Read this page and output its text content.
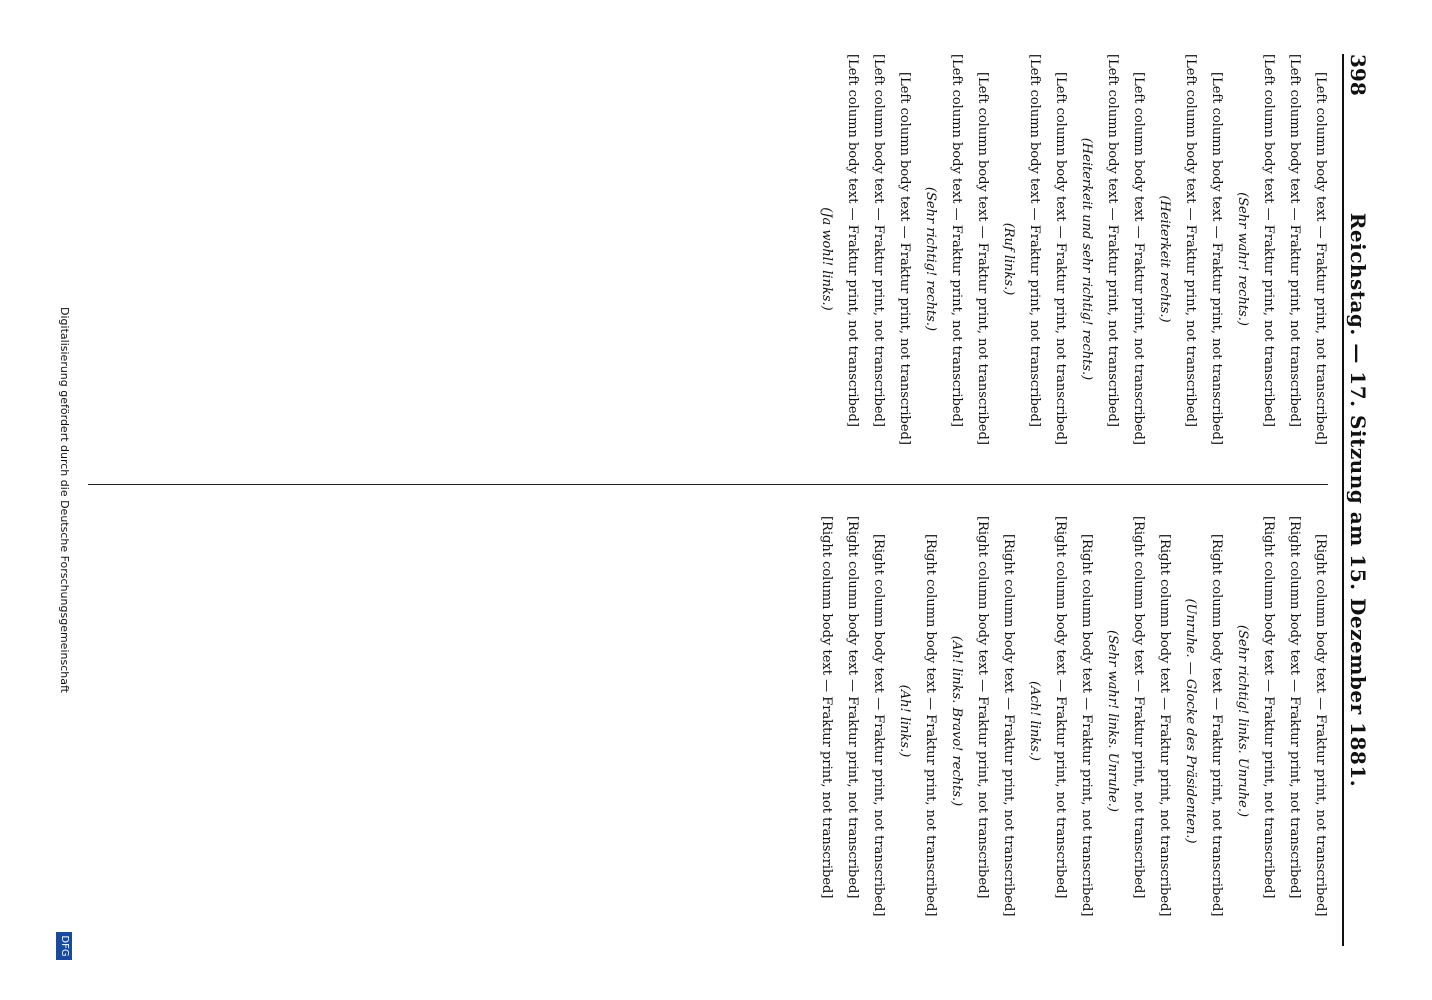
398
Reichstag. — 17. Sitzung am 15. Dezember 1881.

[Left column body text — Fraktur print, not transcribed]

[Left column body text — Fraktur print, not transcribed]

[Left column body text — Fraktur print, not transcribed]

(Sehr wahr! rechts.)

[Left column body text — Fraktur print, not transcribed]

[Left column body text — Fraktur print, not transcribed]

(Heiterkeit rechts.)

[Left column body text — Fraktur print, not transcribed]

[Left column body text — Fraktur print, not transcribed]

(Heiterkeit und sehr richtig! rechts.)

[Left column body text — Fraktur print, not transcribed]

[Left column body text — Fraktur print, not transcribed]

(Ruf links.)

[Left column body text — Fraktur print, not transcribed]

[Left column body text — Fraktur print, not transcribed]

(Sehr richtig! rechts.)

[Left column body text — Fraktur print, not transcribed]

[Left column body text — Fraktur print, not transcribed]

[Left column body text — Fraktur print, not transcribed]

(Ja wohl! links.)

[Right column body text — Fraktur print, not transcribed]

[Right column body text — Fraktur print, not transcribed]

[Right column body text — Fraktur print, not transcribed]

(Sehr richtig! links. Unruhe.)

[Right column body text — Fraktur print, not transcribed]

(Unruhe. — Glocke des Präsidenten.)

[Right column body text — Fraktur print, not transcribed]

[Right column body text — Fraktur print, not transcribed]

(Sehr wahr! links. Unruhe.)

[Right column body text — Fraktur print, not transcribed]

[Right column body text — Fraktur print, not transcribed]

(Ach! links.)

[Right column body text — Fraktur print, not transcribed]

[Right column body text — Fraktur print, not transcribed]

(Ah! links. Bravo! rechts.)

[Right column body text — Fraktur print, not transcribed]

(Ah! links.)

[Right column body text — Fraktur print, not transcribed]

[Right column body text — Fraktur print, not transcribed]

[Right column body text — Fraktur print, not transcribed]

Digitalisierung gefördert durch die Deutsche Forschungsgemeinschaft
DFG
